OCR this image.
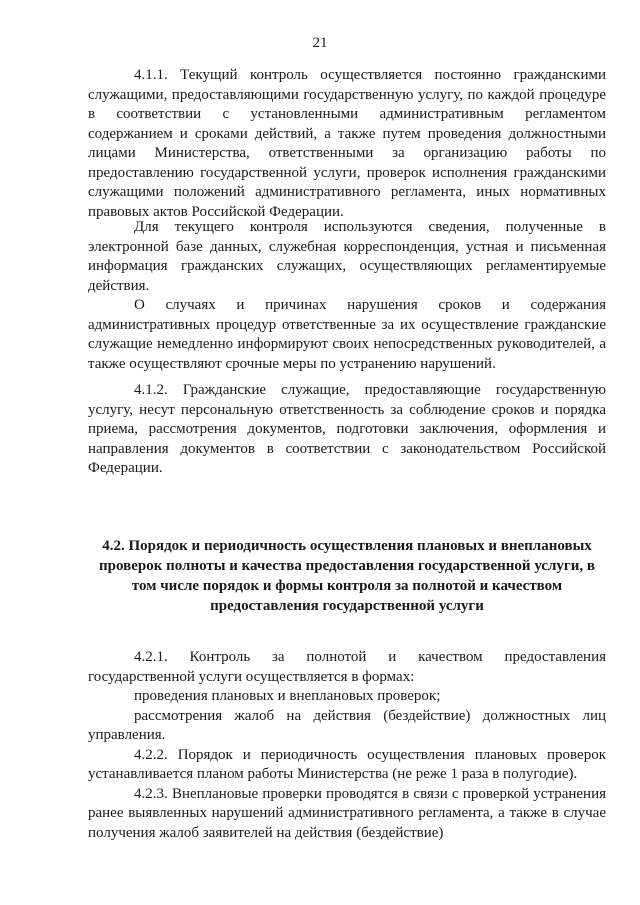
21

4.1.1. Текущий контроль осуществляется постоянно гражданскими служащими, предоставляющими государственную услугу, по каждой процедуре в соответствии с установленными административным регламентом содержанием и сроками действий, а также путем проведения должностными лицами Министерства, ответственными за организацию работы по предоставлению государственной услуги, проверок исполнения гражданскими служащими положений административного регламента, иных нормативных правовых актов Российской Федерации.

Для текущего контроля используются сведения, полученные в электронной базе данных, служебная корреспонденция, устная и письменная информация гражданских служащих, осуществляющих регламентируемые действия.

О случаях и причинах нарушения сроков и содержания административных процедур ответственные за их осуществление гражданские служащие немедленно информируют своих непосредственных руководителей, а также осуществляют срочные меры по устранению нарушений.

4.1.2. Гражданские служащие, предоставляющие государственную услугу, несут персональную ответственность за соблюдение сроков и порядка приема, рассмотрения документов, подготовки заключения, оформления и направления документов в соответствии с законодательством Российской Федерации.

4.2. Порядок и периодичность осуществления плановых и внеплановых проверок полноты и качества предоставления государственной услуги, в том числе порядок и формы контроля за полнотой и качеством предоставления государственной услуги

4.2.1. Контроль за полнотой и качеством предоставления государственной услуги осуществляется в формах:

проведения плановых и внеплановых проверок;

рассмотрения жалоб на действия (бездействие) должностных лиц управления.

4.2.2. Порядок и периодичность осуществления плановых проверок устанавливается планом работы Министерства (не реже 1 раза в полугодие).

4.2.3. Внеплановые проверки проводятся в связи с проверкой устранения ранее выявленных нарушений административного регламента, а также в случае получения жалоб заявителей на действия (бездействие)
